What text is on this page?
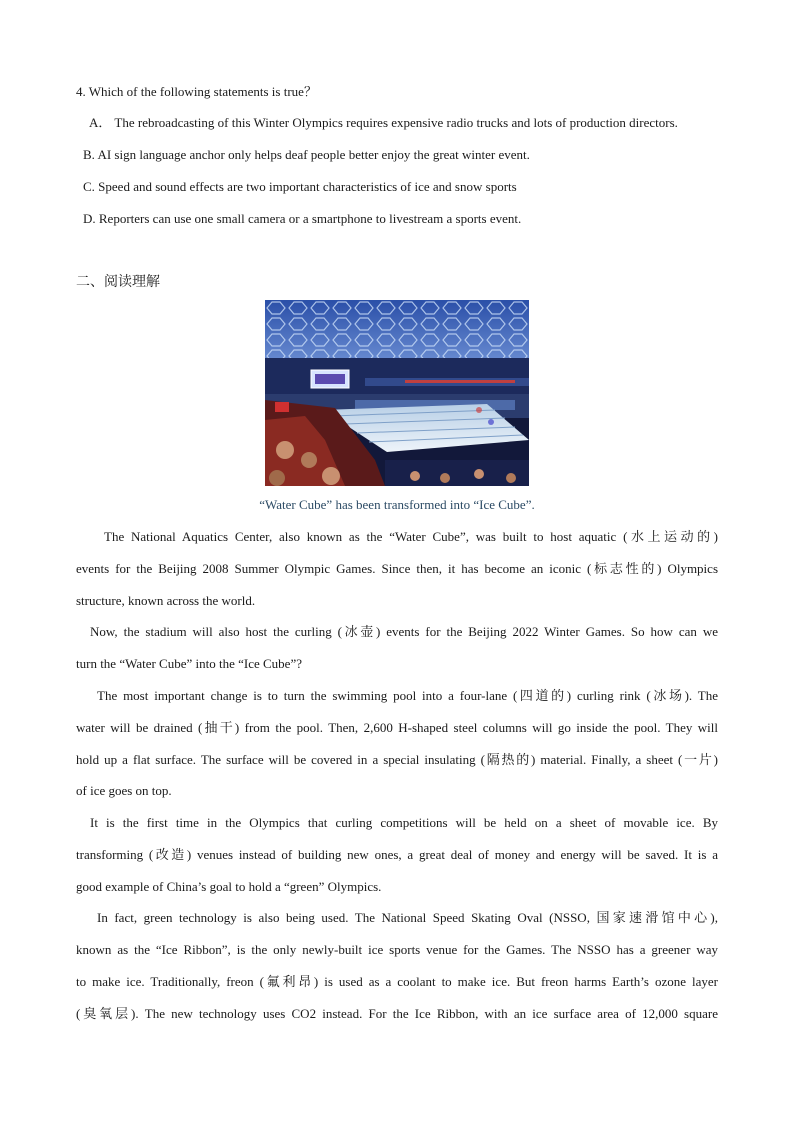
4. Which of the following statements is true？
A． The rebroadcasting of this Winter Olympics requires expensive radio trucks and lots of production directors.
B. AI sign language anchor only helps deaf people better enjoy the great winter event.
C. Speed and sound effects are two important characteristics of ice and snow sports
D. Reporters can use one small camera or a smartphone to livestream a sports event.
二、阅读理解
“Water Cube” has been transformed into “Ice Cube”.
The National Aquatics Center, also known as the “Water Cube”, was built to host aquatic (水上运动的)
events for the Beijing 2008 Summer Olympic Games. Since then, it has become an iconic (标志性的) Olympics
structure, known across the world.
Now, the stadium will also host the curling (冰壶) events for the Beijing 2022 Winter Games. So how can we
turn the “Water Cube” into the “Ice Cube”?
The most important change is to turn the swimming pool into a four-lane (四道的) curling rink (冰场). The
water will be drained (抽干) from the pool. Then, 2,600 H-shaped steel columns will go inside the pool. They will
hold up a flat surface. The surface will be covered in a special insulating (隔热的) material. Finally, a sheet (一片)
of ice goes on top.
It is the first time in the Olympics that curling competitions will be held on a sheet of movable ice. By
transforming (改造) venues instead of building new ones, a great deal of money and energy will be saved. It is a
good example of China’s goal to hold a “green” Olympics.
In fact, green technology is also being used. The National Speed Skating Oval (NSSO, 国家速滑馆中心),
known as the “Ice Ribbon”, is the only newly-built ice sports venue for the Games. The NSSO has a greener way
to make ice. Traditionally, freon (氟利昂) is used as a coolant to make ice. But freon harms Earth’s ozone layer
(臭氧层). The new technology uses CO2 instead. For the Ice Ribbon, with an ice surface area of 12,000 square
